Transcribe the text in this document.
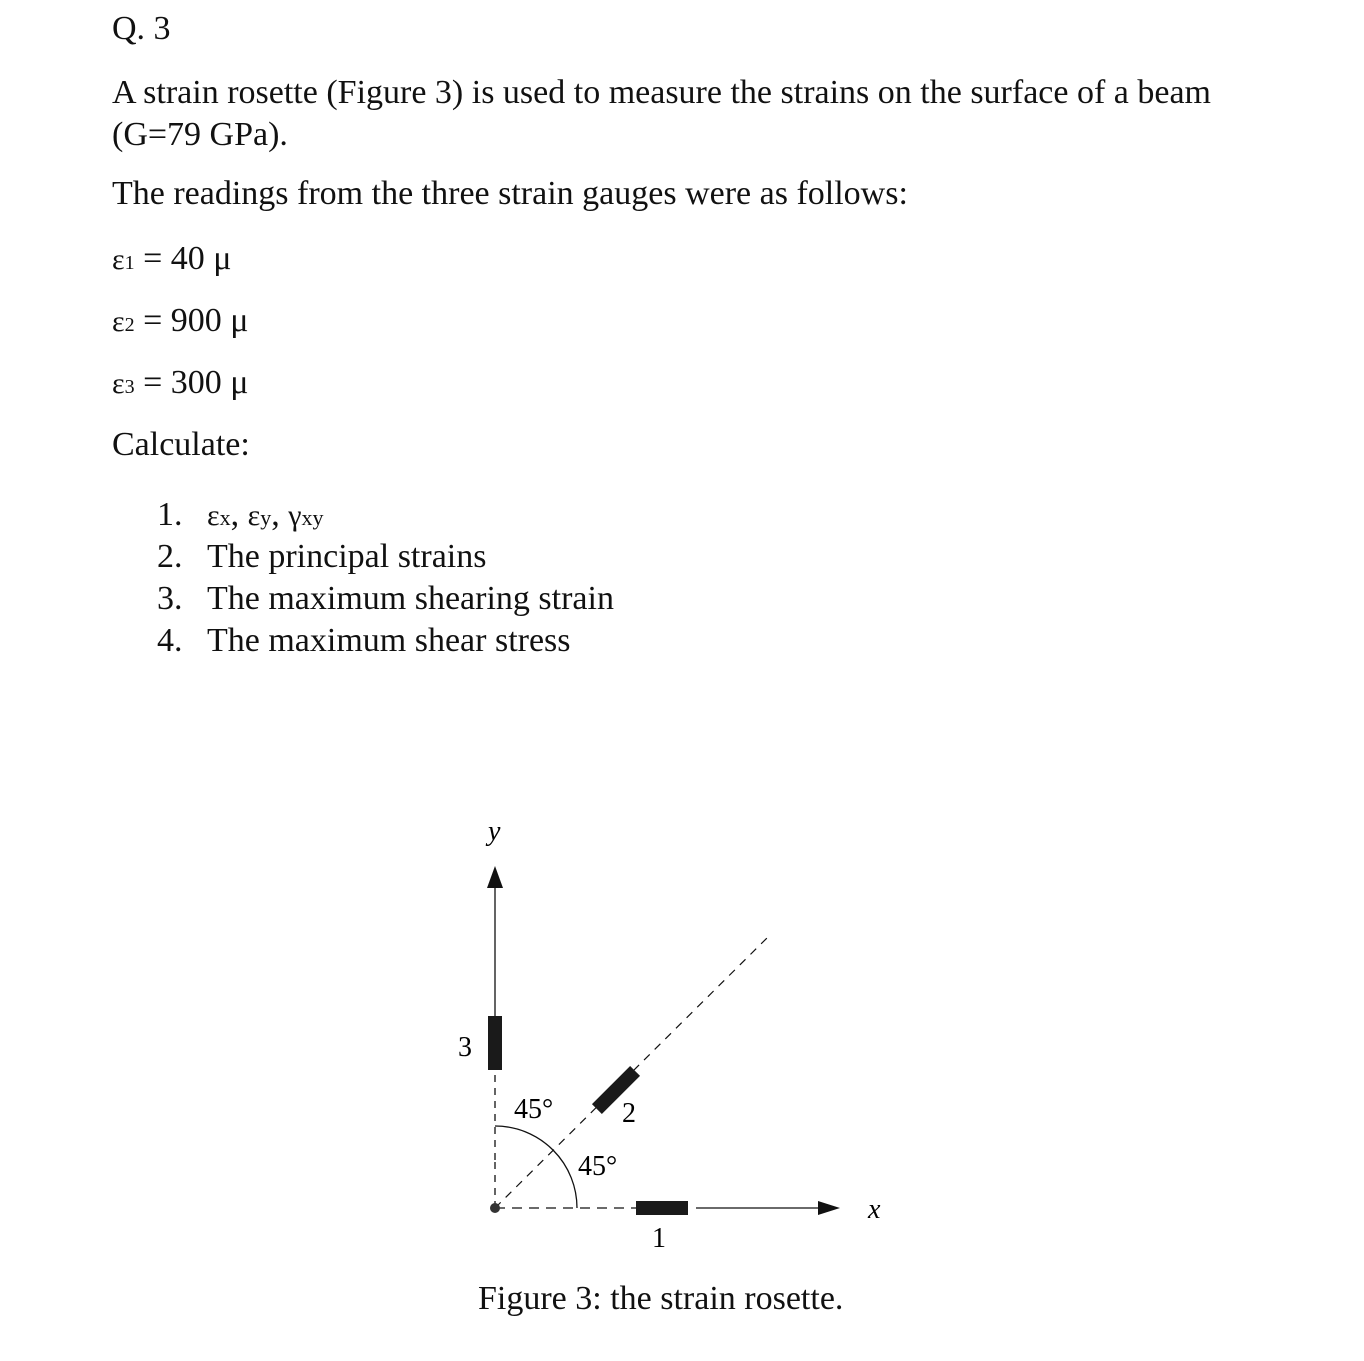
Q. 3

A strain rosette (Figure 3) is used to measure the strains on the surface of a beam (G=79 GPa).

The readings from the three strain gauges were as follows:
ε1 = 40 μ
ε2 = 900 μ
ε3 = 300 μ
Calculate:
1. εx, εy, γxy
2. The principal strains
3. The maximum shearing strain
4. The maximum shear stress
y
x
1
2
3
45°
45°
Figure 3: the strain rosette.
